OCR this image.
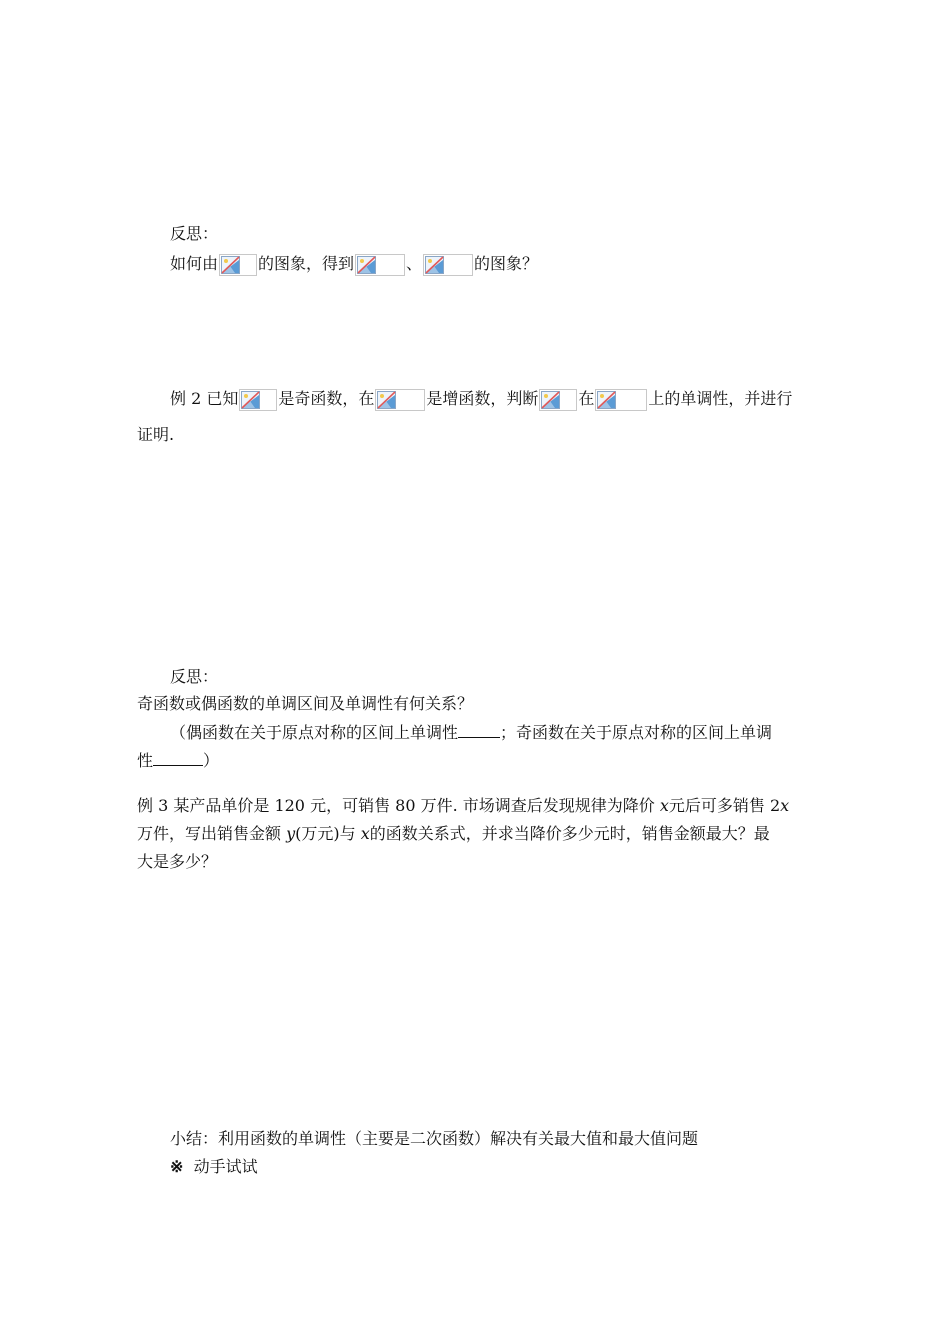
反思：
如何由	的图象，得到	、	的图象？
例 2 已知	是奇函数，在	是增函数，判断	在	上的单调性，并进行
证明.
反思：
奇函数或偶函数的单调区间及单调性有何关系？
（偶函数在关于原点对称的区间上单调性	；奇函数在关于原点对称的区间上单调
性	）
例 3 某产品单价是 120 元，可销售 80 万件. 市场调查后发现规律为降价 x元后可多销售 2x
万件，写出销售金额 y(万元)与 x的函数关系式，并求当降价多少元时，销售金额最大？最
大是多少？
小结：利用函数的单调性（主要是二次函数）解决有关最大值和最大值问题
※ 动手试试
